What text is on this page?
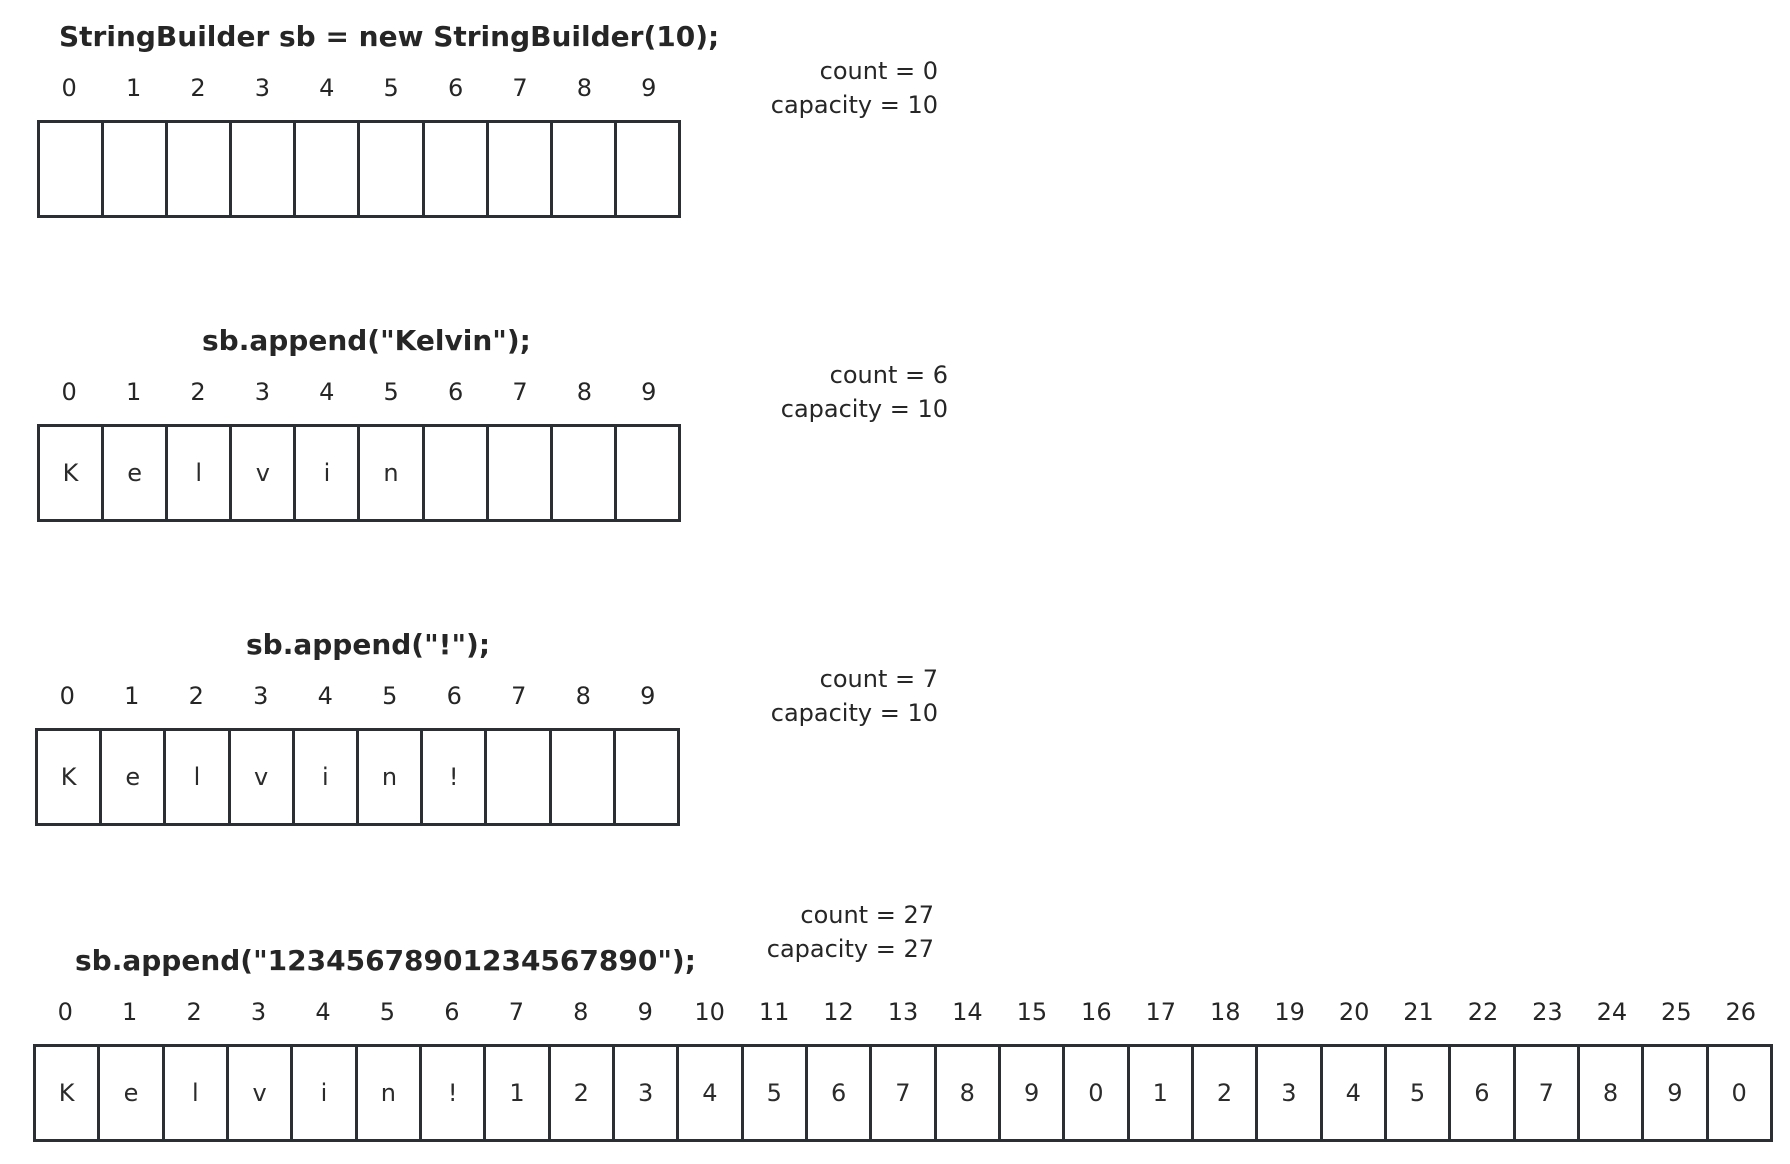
StringBuilder sb = new StringBuilder(10);
count = 0
capacity = 10
0 1 2 3 4 5 6 7 8 9
sb.append("Kelvin");
count = 6
capacity = 10
K	e	l	v	i	n
0 1 2 3 4 5 6 7 8 9
sb.append("!");
count = 7
capacity = 10
K	e	l	v	i	n	!
0 1 2 3 4 5 6 7 8 9
count = 27
capacity = 27
sb.append("12345678901234567890");
K	e	l	v	i	n	!	1	2	3	4	5	6	7	8	9	0	1	2	3	4	5	6	7	8	9	0
0 1 2 3 4 5 6 7 8 9 10 11 12 13 14 15 16 17 18 19 20 21 22 23 24 25 26
